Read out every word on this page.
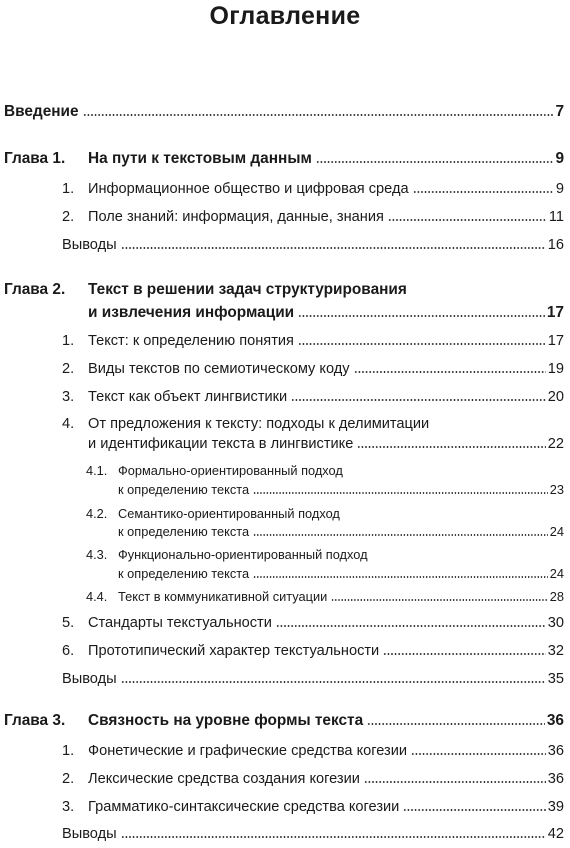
Оглавление
Введение	7
Глава 1.	На пути к текстовым данным	9
1. Информационное общество и цифровая среда	9
2. Поле знаний: информация, данные, знания	11
Выводы	16
Глава 2. Текст в решении задач структурирования
и извлечения информации	17
1. Текст: к определению понятия	17
2. Виды текстов по семиотическому коду	19
3. Текст как объект лингвистики	20
4. От предложения к тексту: подходы к делимитации
и идентификации текста в лингвистике	22
4.1. Формально-ориентированный подход
к определению текста	23
4.2. Семантико-ориентированный подход
к определению текста	24
4.3. Функционально-ориентированный подход
к определению текста	24
4.4. Текст в коммуникативной ситуации	28
5. Стандарты текстуальности	30
6. Прототипический характер текстуальности	32
Выводы	35
Глава 3.	Связность на уровне формы текста	36
1. Фонетические и графические средства когезии	36
2. Лексические средства создания когезии	36
3. Грамматико-синтаксические средства когезии	39
Выводы	42
